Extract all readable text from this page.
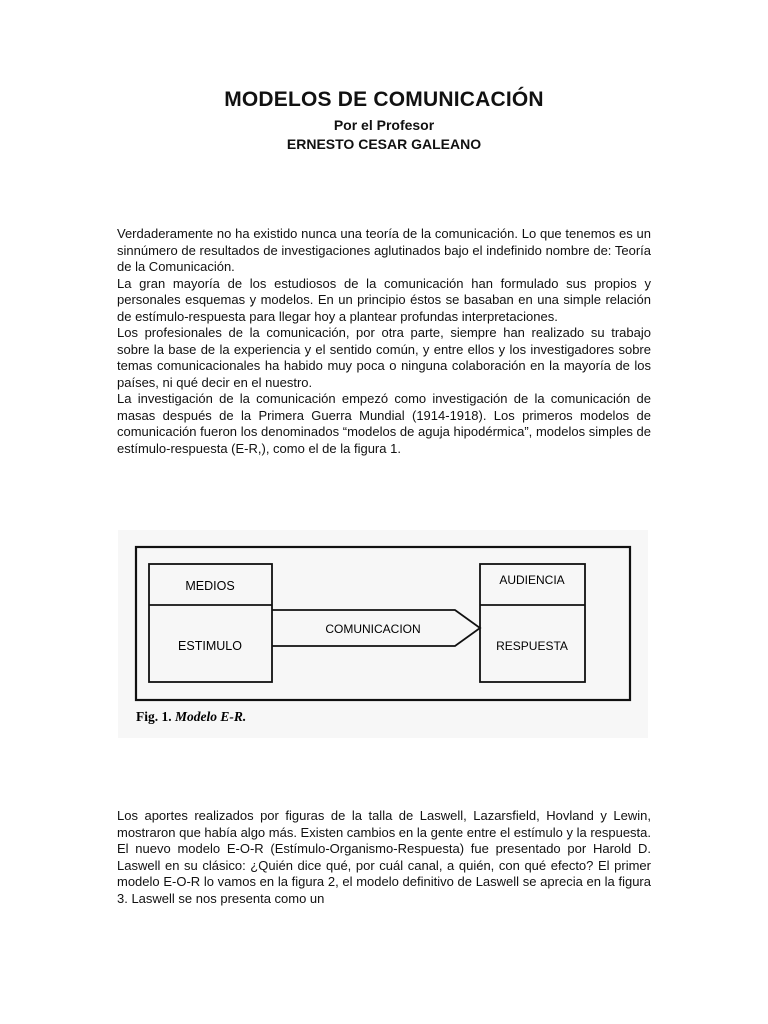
MODELOS DE COMUNICACIÓN
Por el Profesor
ERNESTO CESAR GALEANO

Verdaderamente no ha existido nunca una teoría de la comunicación. Lo que tenemos es un sinnúmero de resultados de investigaciones aglutinados bajo el indefinido nombre de: Teoría de la Comunicación.

La gran mayoría de los estudiosos de la comunicación han formulado sus propios y personales esquemas y modelos. En un principio éstos se basaban en una simple relación de estímulo-respuesta para llegar hoy a plantear profundas interpretaciones.

Los profesionales de la comunicación, por otra parte, siempre han realizado su trabajo sobre la base de la experiencia y el sentido común, y entre ellos y los investigadores sobre temas comunicacionales ha habido muy poca o ninguna colaboración en la mayoría de los países, ni qué decir en el nuestro.

La investigación de la comunicación empezó como investigación de la comunicación de masas después de la Primera Guerra Mundial (1914-1918). Los primeros modelos de comunicación fueron los denominados “modelos de aguja hipodérmica”, modelos simples de estímulo-respuesta (E-R,), como el de la figura 1.

MEDIOS
ESTIMULO
COMUNICACION
AUDIENCIA
RESPUESTA
Fig. 1. Modelo E-R.

Los aportes realizados por figuras de la talla de Laswell, Lazarsfield, Hovland y Lewin, mostraron que había algo más. Existen cambios en la gente entre el estímulo y la respuesta. El nuevo modelo E-O-R (Estímulo-Organismo-Respuesta) fue presentado por Harold D. Laswell en su clásico: ¿Quién dice qué, por cuál canal, a quién, con qué efecto? El primer modelo E-O-R lo vamos en la figura 2, el modelo definitivo de Laswell se aprecia en la figura 3. Laswell se nos presenta como un
